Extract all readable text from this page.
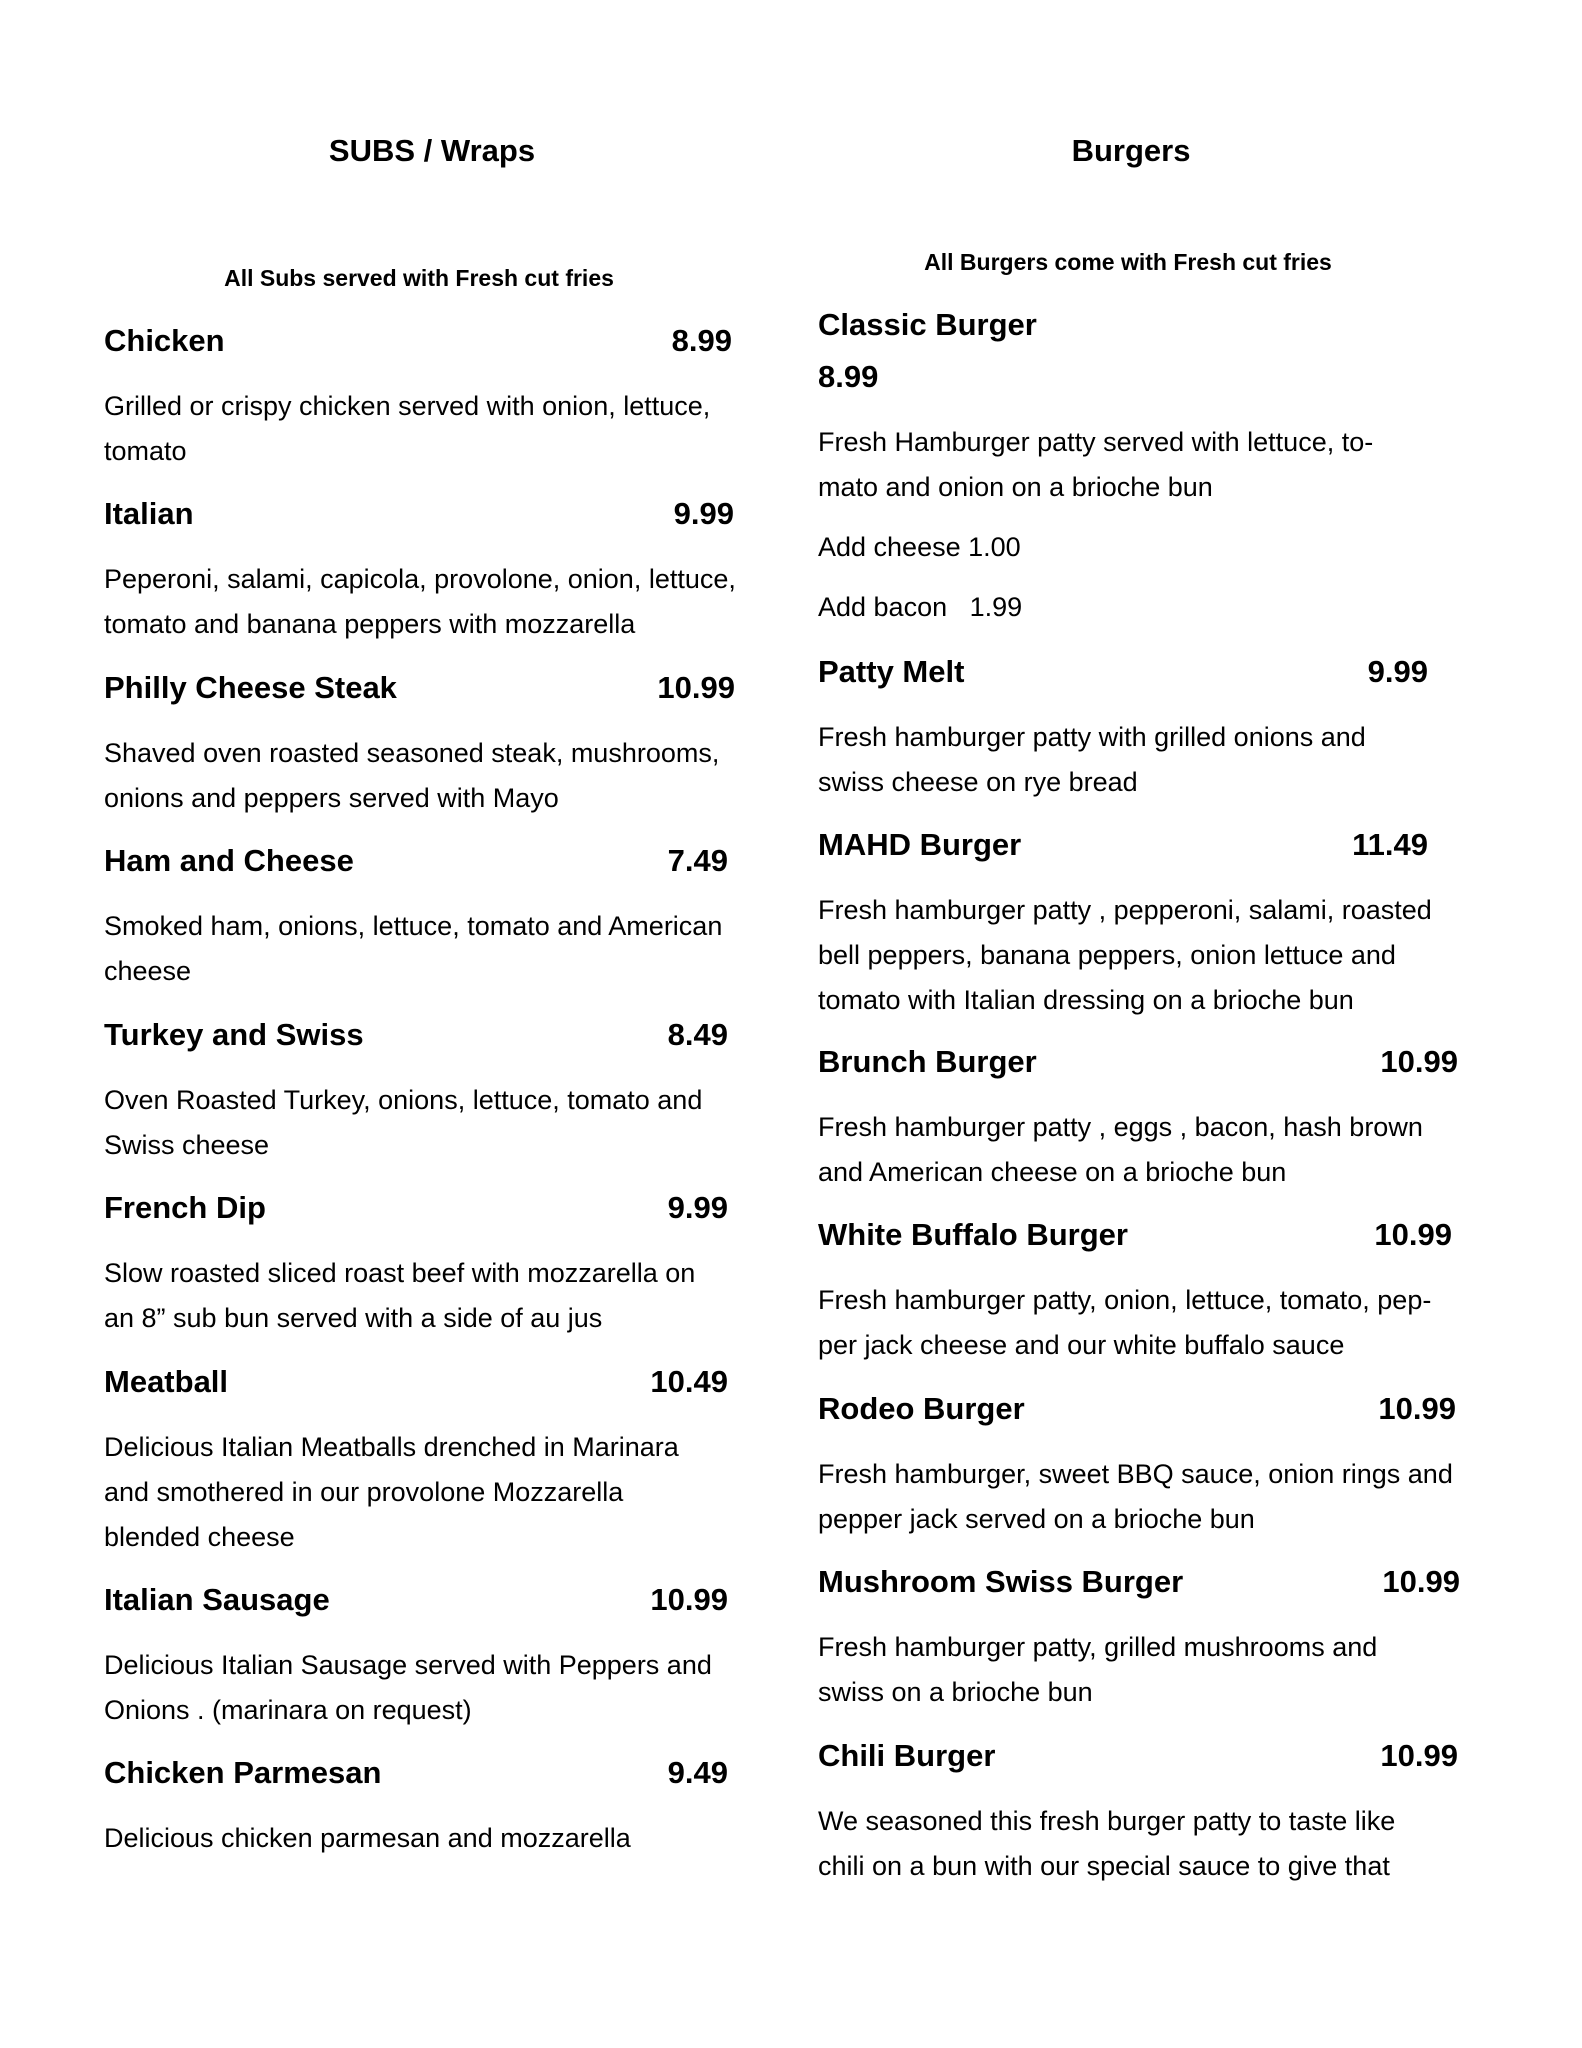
SUBS / Wraps
All Subs served with Fresh cut fries
Chicken	8.99
Grilled or crispy chicken served with onion, lettuce,
tomato
Italian	9.99
Peperoni, salami, capicola, provolone, onion, lettuce,
tomato and banana peppers with mozzarella
Philly Cheese Steak	10.99
Shaved oven roasted seasoned steak, mushrooms,
onions and peppers served with Mayo
Ham and Cheese	7.49
Smoked ham, onions, lettuce, tomato and American
cheese
Turkey and Swiss	8.49
Oven Roasted Turkey, onions, lettuce, tomato and
Swiss cheese
French Dip	9.99
Slow roasted sliced roast beef with mozzarella on
an 8” sub bun served with a side of au jus
Meatball	10.49
Delicious Italian Meatballs drenched in Marinara
and smothered in our provolone Mozzarella
blended cheese
Italian Sausage	10.99
Delicious Italian Sausage served with Peppers and
Onions . (marinara on request)
Chicken Parmesan	9.49
Delicious chicken parmesan and mozzarella
Burgers
All Burgers come with Fresh cut fries
Classic Burger
8.99
Fresh Hamburger patty served with lettuce, to-
mato and onion on a brioche bun
Add cheese 1.00
Add bacon   1.99
Patty Melt	9.99
Fresh hamburger patty with grilled onions and
swiss cheese on rye bread
MAHD Burger	11.49
Fresh hamburger patty , pepperoni, salami, roasted
bell peppers, banana peppers, onion lettuce and
tomato with Italian dressing on a brioche bun
Brunch Burger	10.99
Fresh hamburger patty , eggs , bacon, hash brown
and American cheese on a brioche bun
White Buffalo Burger	10.99
Fresh hamburger patty, onion, lettuce, tomato, pep-
per jack cheese and our white buffalo sauce
Rodeo Burger	10.99
Fresh hamburger, sweet BBQ sauce, onion rings and
pepper jack served on a brioche bun
Mushroom Swiss Burger	10.99
Fresh hamburger patty, grilled mushrooms and
swiss on a brioche bun
Chili Burger	10.99
We seasoned this fresh burger patty to taste like
chili on a bun with our special sauce to give that
